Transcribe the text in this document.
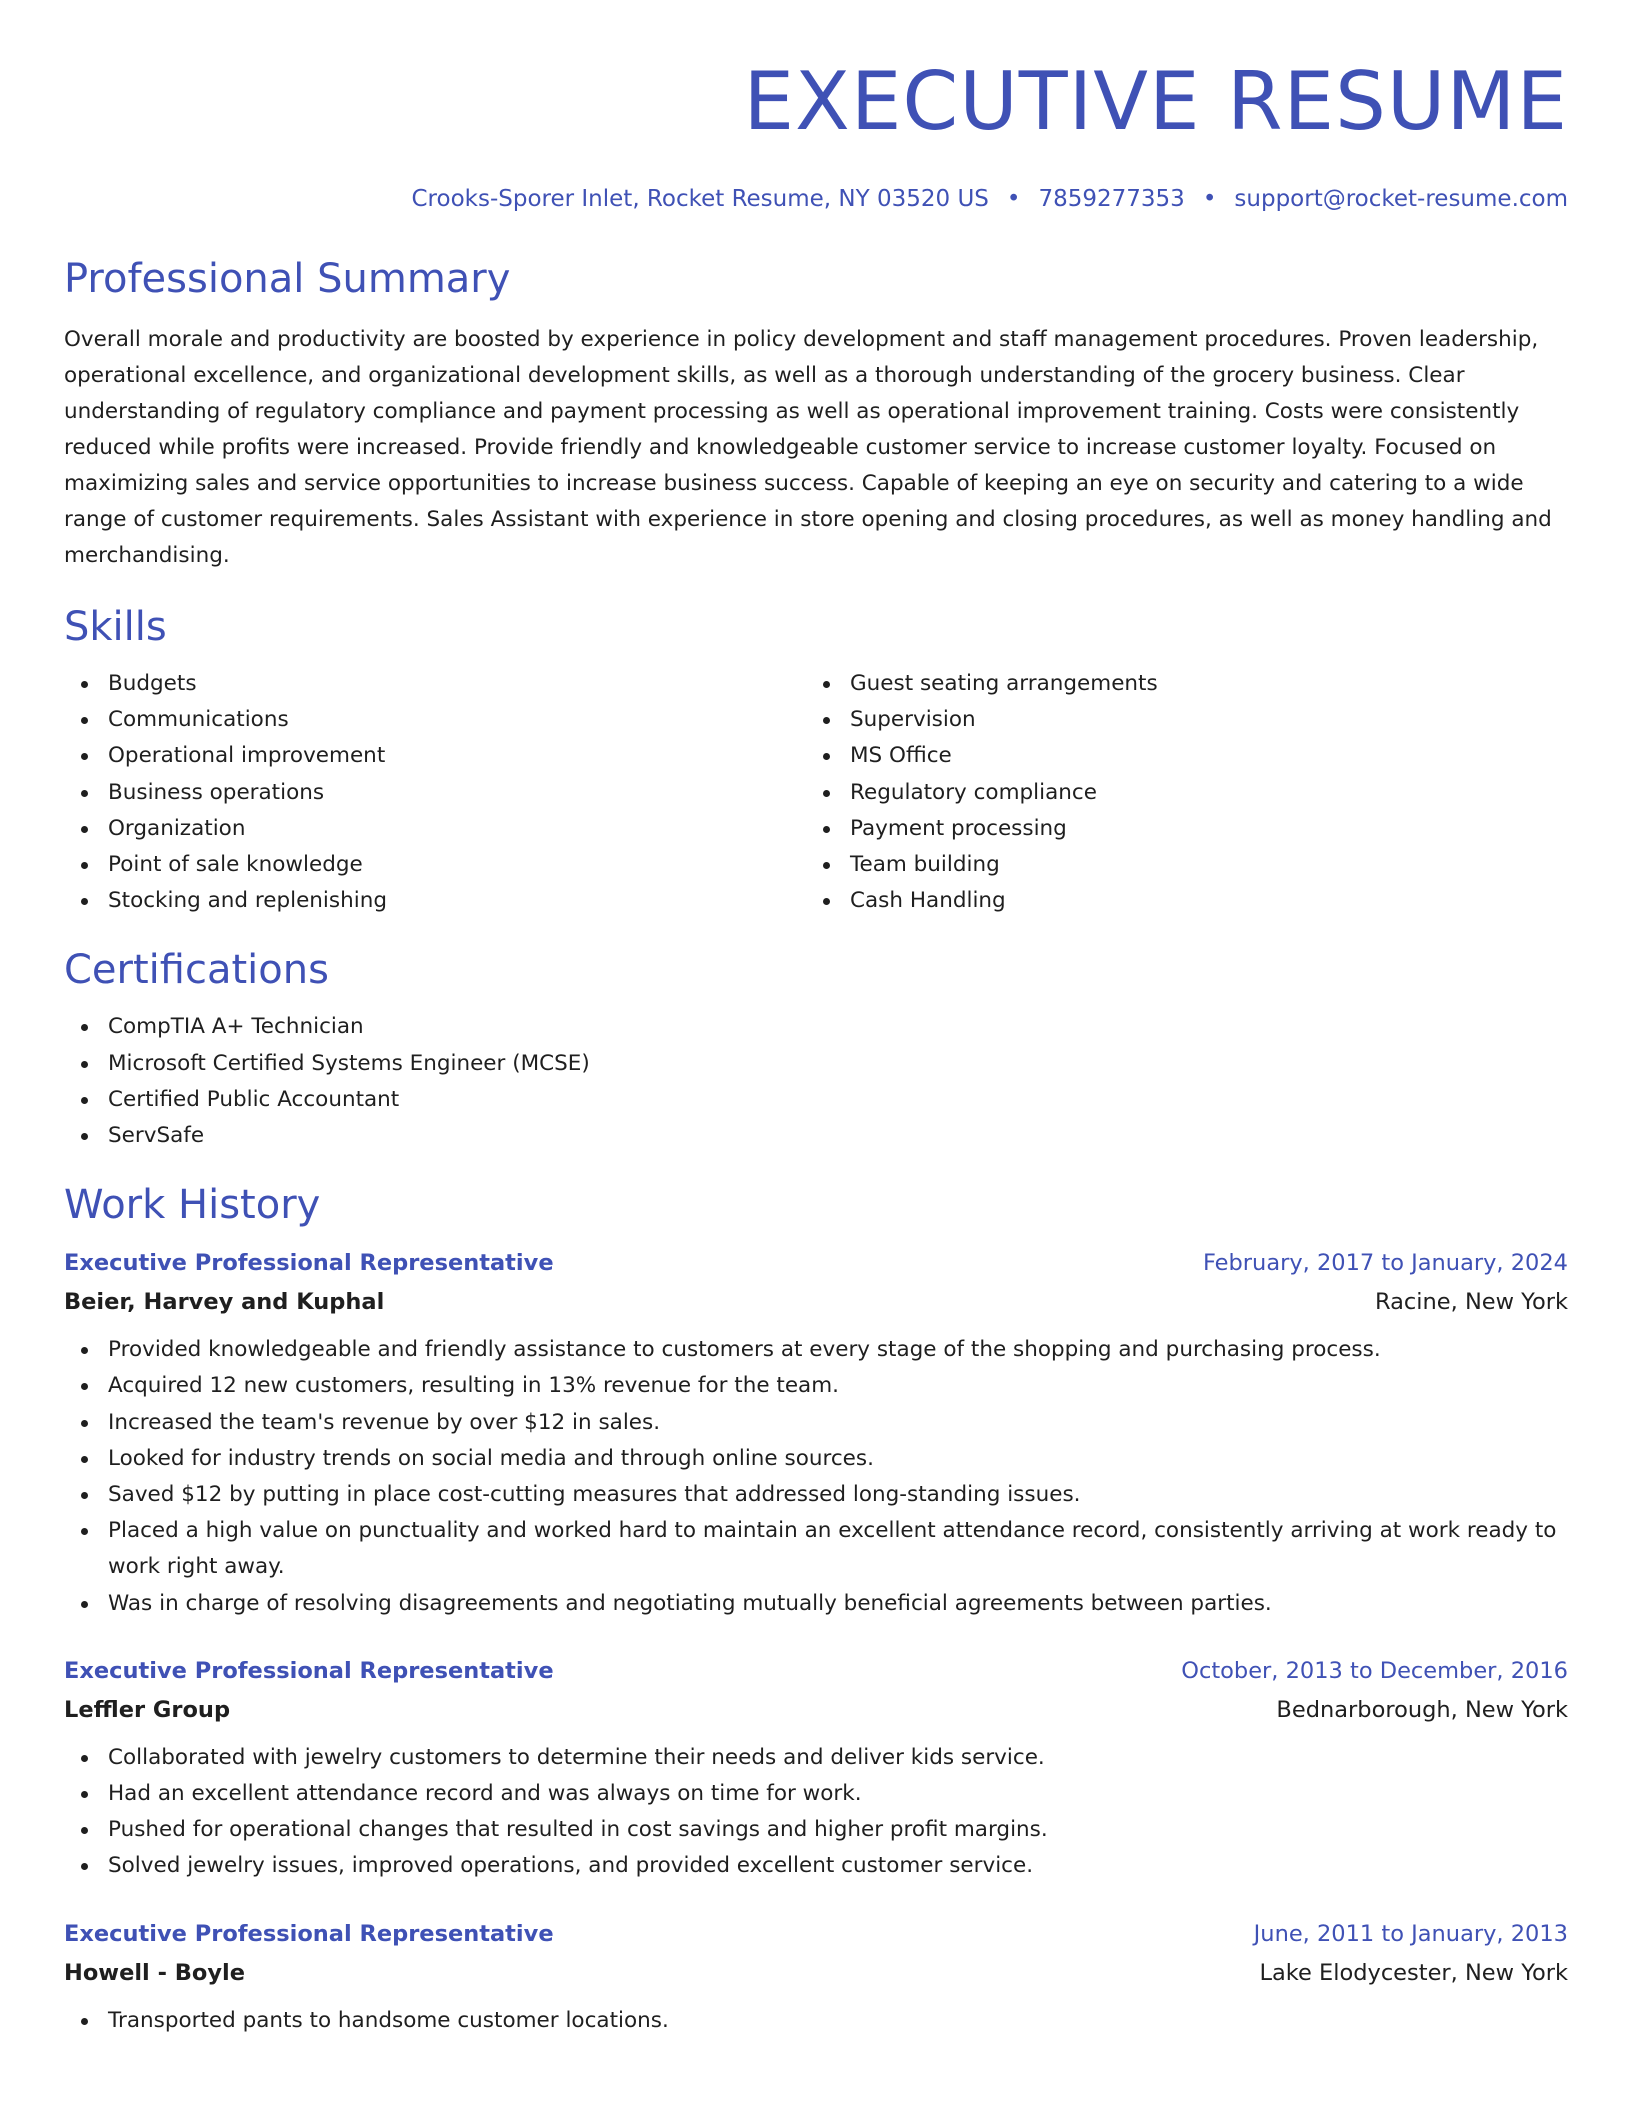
EXECUTIVE RESUME
Crooks-Sporer Inlet, Rocket Resume, NY 03520 US • 7859277353 • support@rocket-resume.com
Professional Summary

Overall morale and productivity are boosted by experience in policy development and staff management procedures. Proven leadership, operational excellence, and organizational development skills, as well as a thorough understanding of the grocery business. Clear understanding of regulatory compliance and payment processing as well as operational improvement training. Costs were consistently reduced while profits were increased. Provide friendly and knowledgeable customer service to increase customer loyalty. Focused on maximizing sales and service opportunities to increase business success. Capable of keeping an eye on security and catering to a wide range of customer requirements. Sales Assistant with experience in store opening and closing procedures, as well as money handling and merchandising.

Skills
Budgets
Communications
Operational improvement
Business operations
Organization
Point of sale knowledge
Stocking and replenishing
Guest seating arrangements
Supervision
MS Office
Regulatory compliance
Payment processing
Team building
Cash Handling
Certifications
CompTIA A+ Technician
Microsoft Certified Systems Engineer (MCSE)
Certified Public Accountant
ServSafe
Work History
Executive Professional Representative	February, 2017 to January, 2024
Beier, Harvey and Kuphal	Racine, New York
Provided knowledgeable and friendly assistance to customers at every stage of the shopping and purchasing process.
Acquired 12 new customers, resulting in 13% revenue for the team.
Increased the team's revenue by over $12 in sales.
Looked for industry trends on social media and through online sources.
Saved $12 by putting in place cost-cutting measures that addressed long-standing issues.
Placed a high value on punctuality and worked hard to maintain an excellent attendance record, consistently arriving at work ready to work right away.
Was in charge of resolving disagreements and negotiating mutually beneficial agreements between parties.
Executive Professional Representative	October, 2013 to December, 2016
Leffler Group	Bednarborough, New York
Collaborated with jewelry customers to determine their needs and deliver kids service.
Had an excellent attendance record and was always on time for work.
Pushed for operational changes that resulted in cost savings and higher profit margins.
Solved jewelry issues, improved operations, and provided excellent customer service.
Executive Professional Representative	June, 2011 to January, 2013
Howell - Boyle	Lake Elodycester, New York
Transported pants to handsome customer locations.
